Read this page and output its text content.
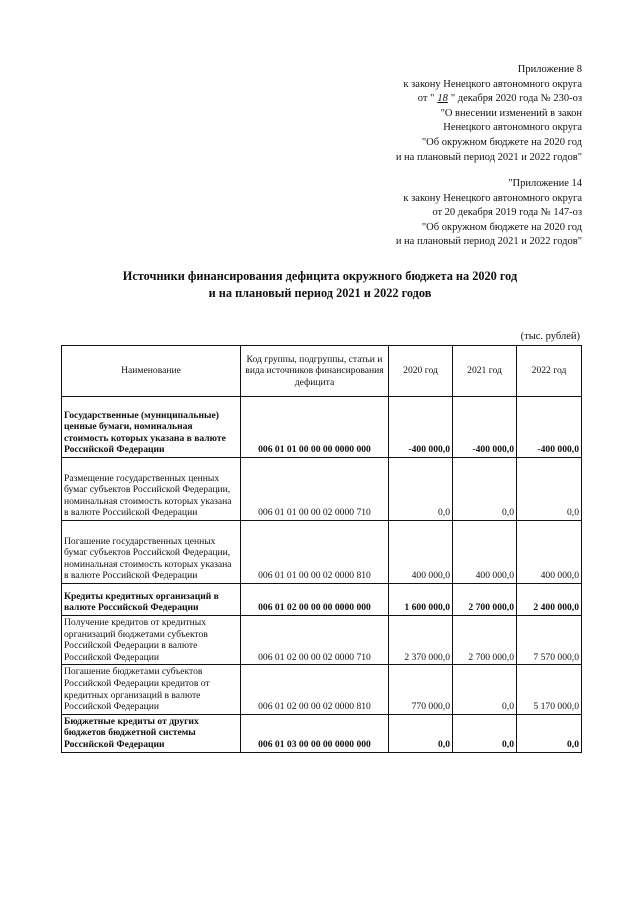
Приложение 8
к закону Ненецкого автономного округа
от " 18 " декабря 2020 года № 230-оз
"О внесении изменений в закон
Ненецкого автономного округа
"Об окружном бюджете на 2020 год
и на плановый период 2021 и 2022 годов"
"Приложение 14
к закону Ненецкого автономного округа
от 20 декабря 2019 года № 147-оз
"Об окружном бюджете на 2020 год
и на плановый период 2021 и 2022 годов"
Источники финансирования дефицита окружного бюджета на 2020 год
и на плановый период 2021 и 2022 годов
(тыс. рублей)
Наименование	Код группы, подгруппы, статьи и вида источников финансирования дефицита	2020 год	2021 год	2022 год
Государственные (муниципальные) ценные бумаги, номинальная стоимость которых указана в валюте Российской Федерации	006 01 01 00 00 00 0000 000	-400 000,0	-400 000,0	-400 000,0
Размещение государственных ценных бумаг субъектов Российской Федерации, номинальная стоимость которых указана в валюте Российской Федерации	006 01 01 00 00 02 0000 710	0,0	0,0	0,0
Погашение государственных ценных бумаг субъектов Российской Федерации, номинальная стоимость которых указана в валюте Российской Федерации	006 01 01 00 00 02 0000 810	400 000,0	400 000,0	400 000,0
Кредиты кредитных организаций в валюте Российской Федерации	006 01 02 00 00 00 0000 000	1 600 000,0	2 700 000,0	2 400 000,0
Получение кредитов от кредитных организаций бюджетами субъектов Российской Федерации в валюте Российской Федерации	006 01 02 00 00 02 0000 710	2 370 000,0	2 700 000,0	7 570 000,0
Погашение бюджетами субъектов Российской Федерации кредитов от кредитных организаций в валюте Российской Федерации	006 01 02 00 00 02 0000 810	770 000,0	0,0	5 170 000,0
Бюджетные кредиты от других бюджетов бюджетной системы Российской Федерации	006 01 03 00 00 00 0000 000	0,0	0,0	0,0
